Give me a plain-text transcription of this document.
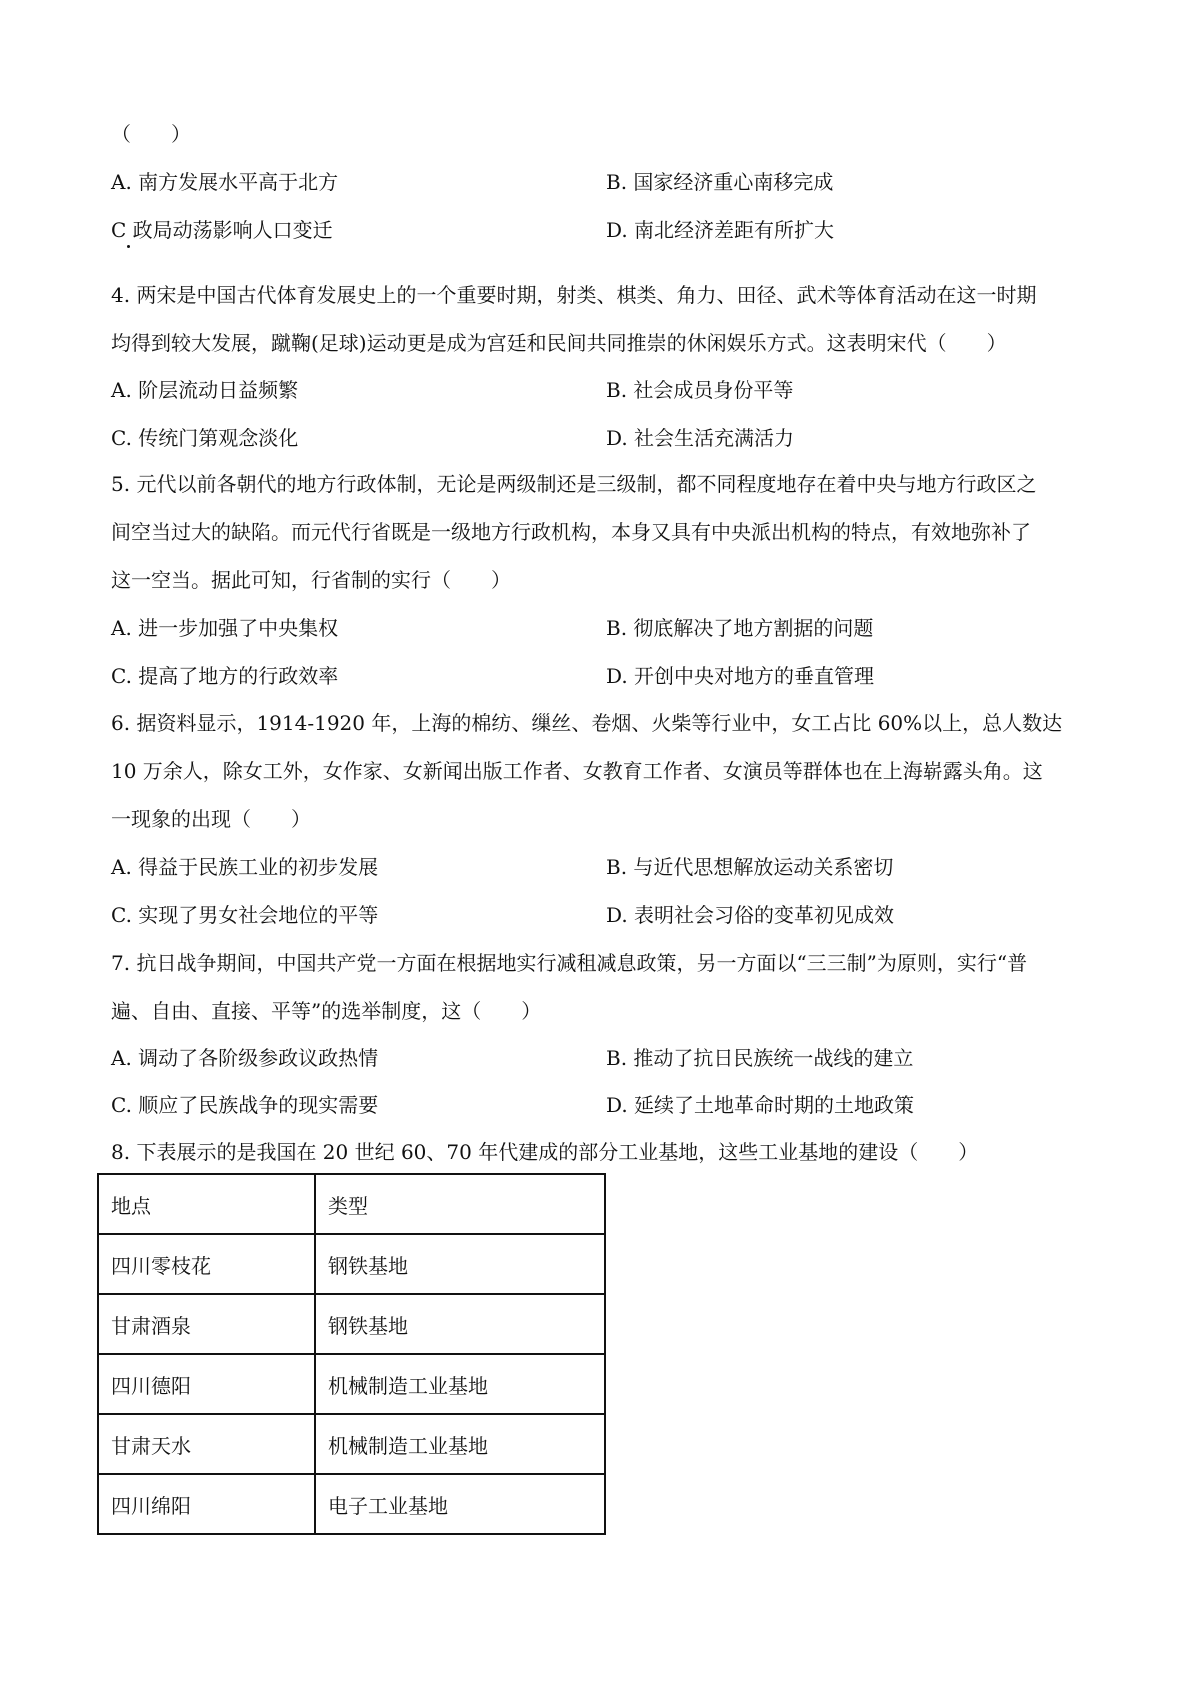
（　　）
A. 南方发展水平高于北方	B. 国家经济重心南移完成
C 政局动荡影响人口变迁	D. 南北经济差距有所扩大
4. 两宋是中国古代体育发展史上的一个重要时期，射类、棋类、角力、田径、武术等体育活动在这一时期
均得到较大发展，蹴鞠(足球)运动更是成为宫廷和民间共同推崇的休闲娱乐方式。这表明宋代（　　）
A. 阶层流动日益频繁	B. 社会成员身份平等
C. 传统门第观念淡化	D. 社会生活充满活力
5. 元代以前各朝代的地方行政体制，无论是两级制还是三级制，都不同程度地存在着中央与地方行政区之
间空当过大的缺陷。而元代行省既是一级地方行政机构，本身又具有中央派出机构的特点，有效地弥补了
这一空当。据此可知，行省制的实行（　　）
A. 进一步加强了中央集权	B. 彻底解决了地方割据的问题
C. 提高了地方的行政效率	D. 开创中央对地方的垂直管理
6. 据资料显示，1914-1920 年，上海的棉纺、缫丝、卷烟、火柴等行业中，女工占比 60%以上，总人数达
10 万余人，除女工外，女作家、女新闻出版工作者、女教育工作者、女演员等群体也在上海崭露头角。这
一现象的出现（　　）
A. 得益于民族工业的初步发展	B. 与近代思想解放运动关系密切
C. 实现了男女社会地位的平等	D. 表明社会习俗的变革初见成效
7. 抗日战争期间，中国共产党一方面在根据地实行减租减息政策，另一方面以“三三制”为原则，实行“普
遍、自由、直接、平等”的选举制度，这（　　）
A. 调动了各阶级参政议政热情	B. 推动了抗日民族统一战线的建立
C. 顺应了民族战争的现实需要	D. 延续了土地革命时期的土地政策
8. 下表展示的是我国在 20 世纪 60、70 年代建成的部分工业基地，这些工业基地的建设（　　）
地点	类型
四川零枝花	钢铁基地
甘肃酒泉	钢铁基地
四川德阳	机械制造工业基地
甘肃天水	机械制造工业基地
四川绵阳	电子工业基地
